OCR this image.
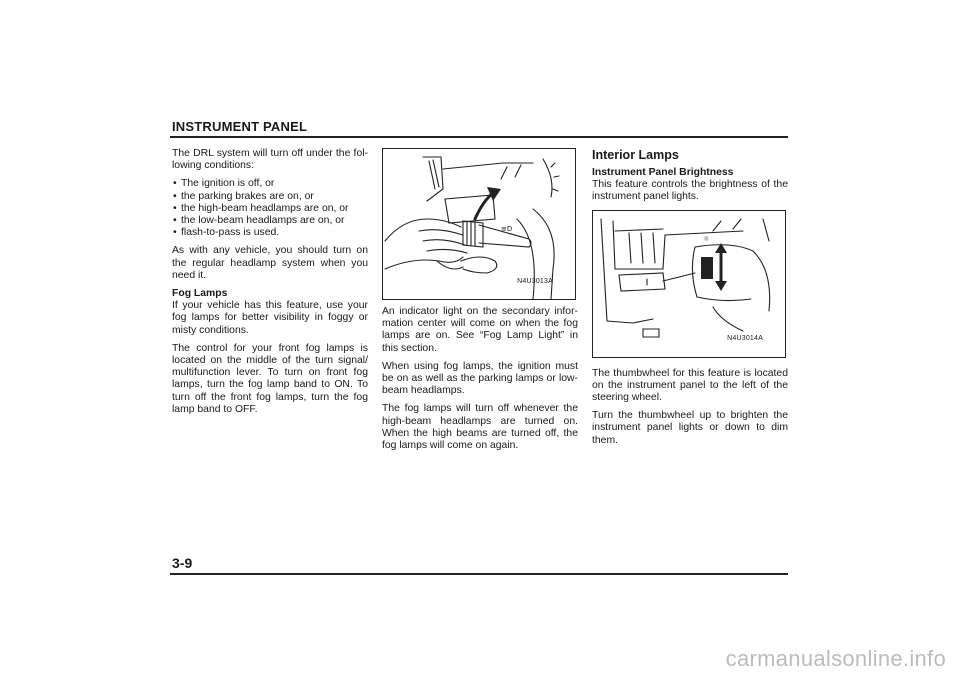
INSTRUMENT PANEL

The DRL system will turn off under the fol-lowing conditions:

• The ignition is off, or
• the parking brakes are on, or
• the high-beam headlamps are on, or
• the low-beam headlamps are on, or
• flash-to-pass is used.

As with any vehicle, you should turn on the regular headlamp system when you need it.

Fog Lamps

If your vehicle has this feature, use your fog lamps for better visibility in foggy or misty conditions.

The control for your front fog lamps is located on the middle of the turn signal/ multifunction lever. To turn on front fog lamps, turn the fog lamp band to ON. To turn off the front fog lamps, turn the fog lamp band to OFF.

≡D
N4U3013A

An indicator light on the secondary infor-mation center will come on when the fog lamps are on. See “Fog Lamp Light” in this section.

When using fog lamps, the ignition must be on as well as the parking lamps or low-beam headlamps.

The fog lamps will turn off whenever the high-beam headlamps are turned on. When the high beams are turned off, the fog lamps will come on again.

Interior Lamps
Instrument Panel Brightness

This feature controls the brightness of the instrument panel lights.

☼
N4U3014A

The thumbwheel for this feature is located on the instrument panel to the left of the steering wheel.

Turn the thumbwheel up to brighten the instrument panel lights or down to dim them.

3-9
carmanualsonline.info
